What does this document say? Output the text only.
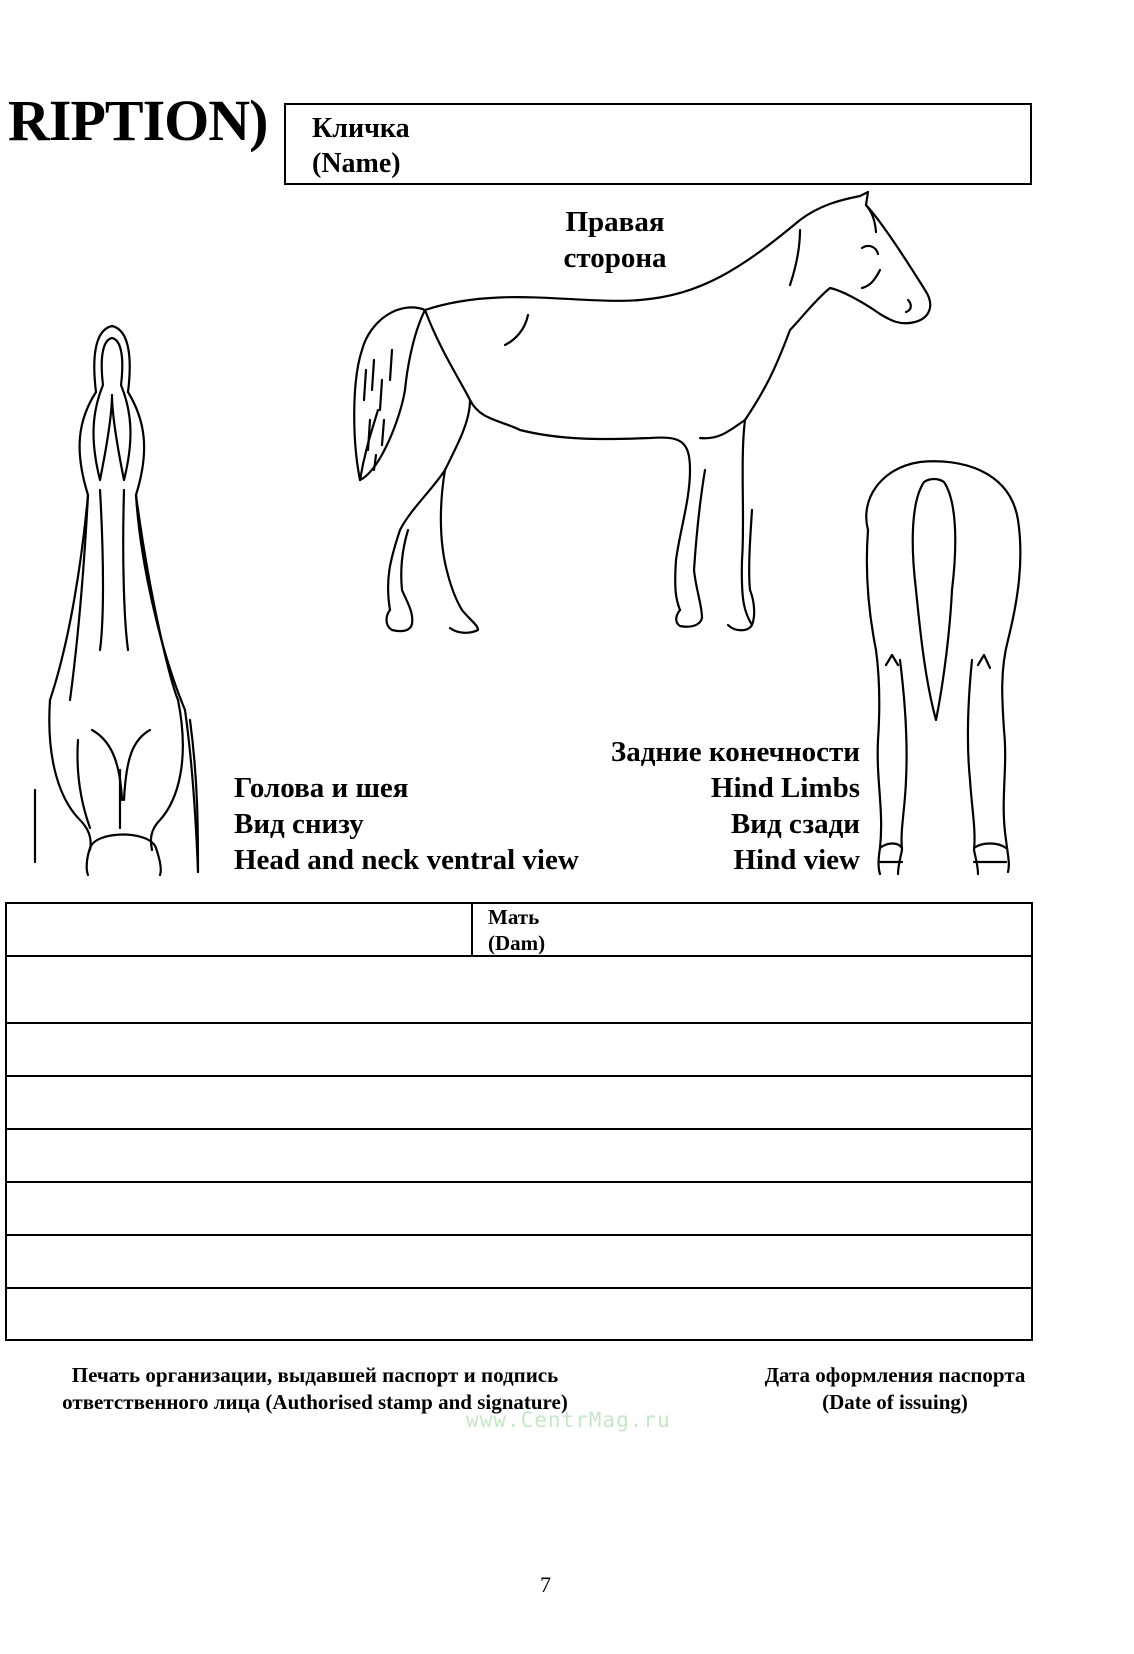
RIPTION) Кличка
(Name)
Правая
сторона
Голова и шея
Вид снизу
Head and neck ventral view
Задние конечности
Hind Limbs
Вид сзади
Hind view
Мать
(Dam)
Печать организации, выдавшей паспорт и подпись
ответственного лица (Authorised stamp and signature)
Дата оформления паспорта
(Date of issuing)
www.CentrMag.ru
7
